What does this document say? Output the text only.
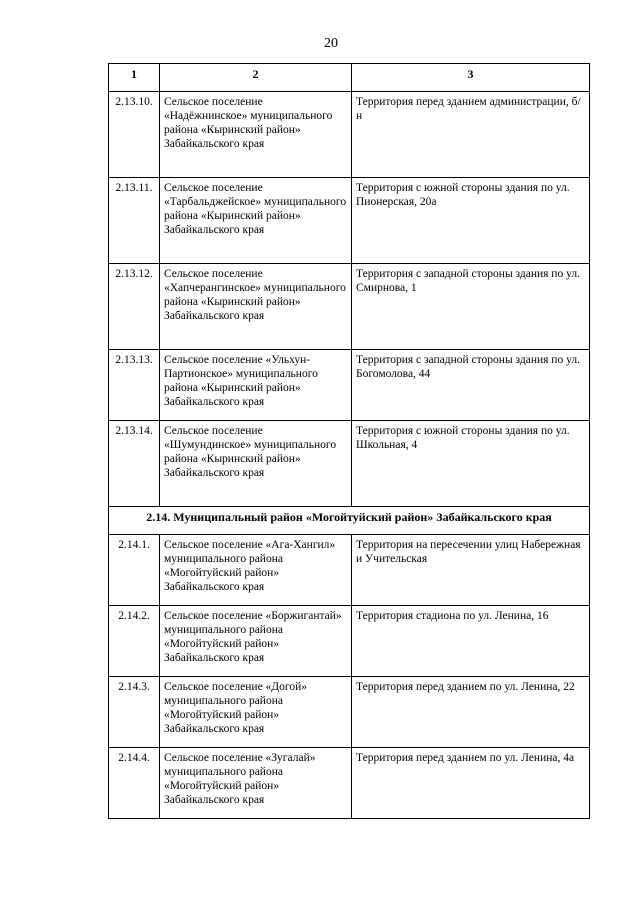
20
1	2	3
2.13.10.	Сельское поселение «Надёжнинское» муниципального района «Кыринский район» Забайкальского края	Территория перед зданием администрации, б/н
2.13.11.	Сельское поселение «Тарбальджейское» муниципального района «Кыринский район» Забайкальского края	Территория с южной стороны здания по ул. Пионерская, 20а
2.13.12.	Сельское поселение «Хапчерангинское» муниципального района «Кыринский район» Забайкальского края	Территория с западной стороны здания по ул. Смирнова, 1
2.13.13.	Сельское поселение «Ульхун-Партионское» муниципального района «Кыринский район» Забайкальского края	Территория с западной стороны здания по ул. Богомолова, 44
2.13.14.	Сельское поселение «Шумундинское» муниципального района «Кыринский район» Забайкальского края	Территория с южной стороны здания по ул. Школьная, 4
2.14. Муниципальный район «Могойтуйский район» Забайкальского края		
2.14.1.	Сельское поселение «Ага-Хангил» муниципального района «Могойтуйский район» Забайкальского края	Территория на пересечении улиц Набережная и Учительская
2.14.2.	Сельское поселение «Боржигантай» муниципального района «Могойтуйский район» Забайкальского края	Территория стадиона по ул. Ленина, 16
2.14.3.	Сельское поселение «Догой» муниципального района «Могойтуйский район» Забайкальского края	Территория перед зданием по ул. Ленина, 22
2.14.4.	Сельское поселение «Зугалай» муниципального района «Могойтуйский район» Забайкальского края	Территория перед зданием по ул. Ленина, 4а
